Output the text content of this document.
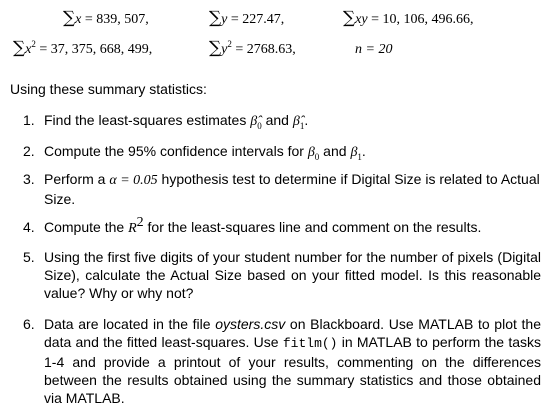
∑x = 839, 507,	∑y = 227.47,	∑xy = 10, 106, 496.66,
$\sum x^2 = 37$, 375, 668, 499,	$\sum y^2 = 2768.63$,	n = 20
Using these summary statistics:
1. Find the least-squares estimates $\betâ_0$ and $\betâ_1$.
2. Compute the 95% confidence intervals for $\beta_0$ and $\beta_1$.
3. Perform a α = 0.05 hypothesis test to determine if Digital Size is related to Actual Size.
4. Compute the $R^2$ for the least-squares line and comment on the results.
5. Using the first five digits of your student number for the number of pixels (Digital Size), calculate the Actual Size based on your fitted model. Is this reasonable value? Why or why not?
6. Data are located in the file oysters.csv on Blackboard. Use MATLAB to plot the data and the fitted least-squares. Use fitlm() in MATLAB to perform the tasks 1-4 and provide a printout of your results, commenting on the differences between the results obtained using the summary statistics and those obtained via MATLAB.
